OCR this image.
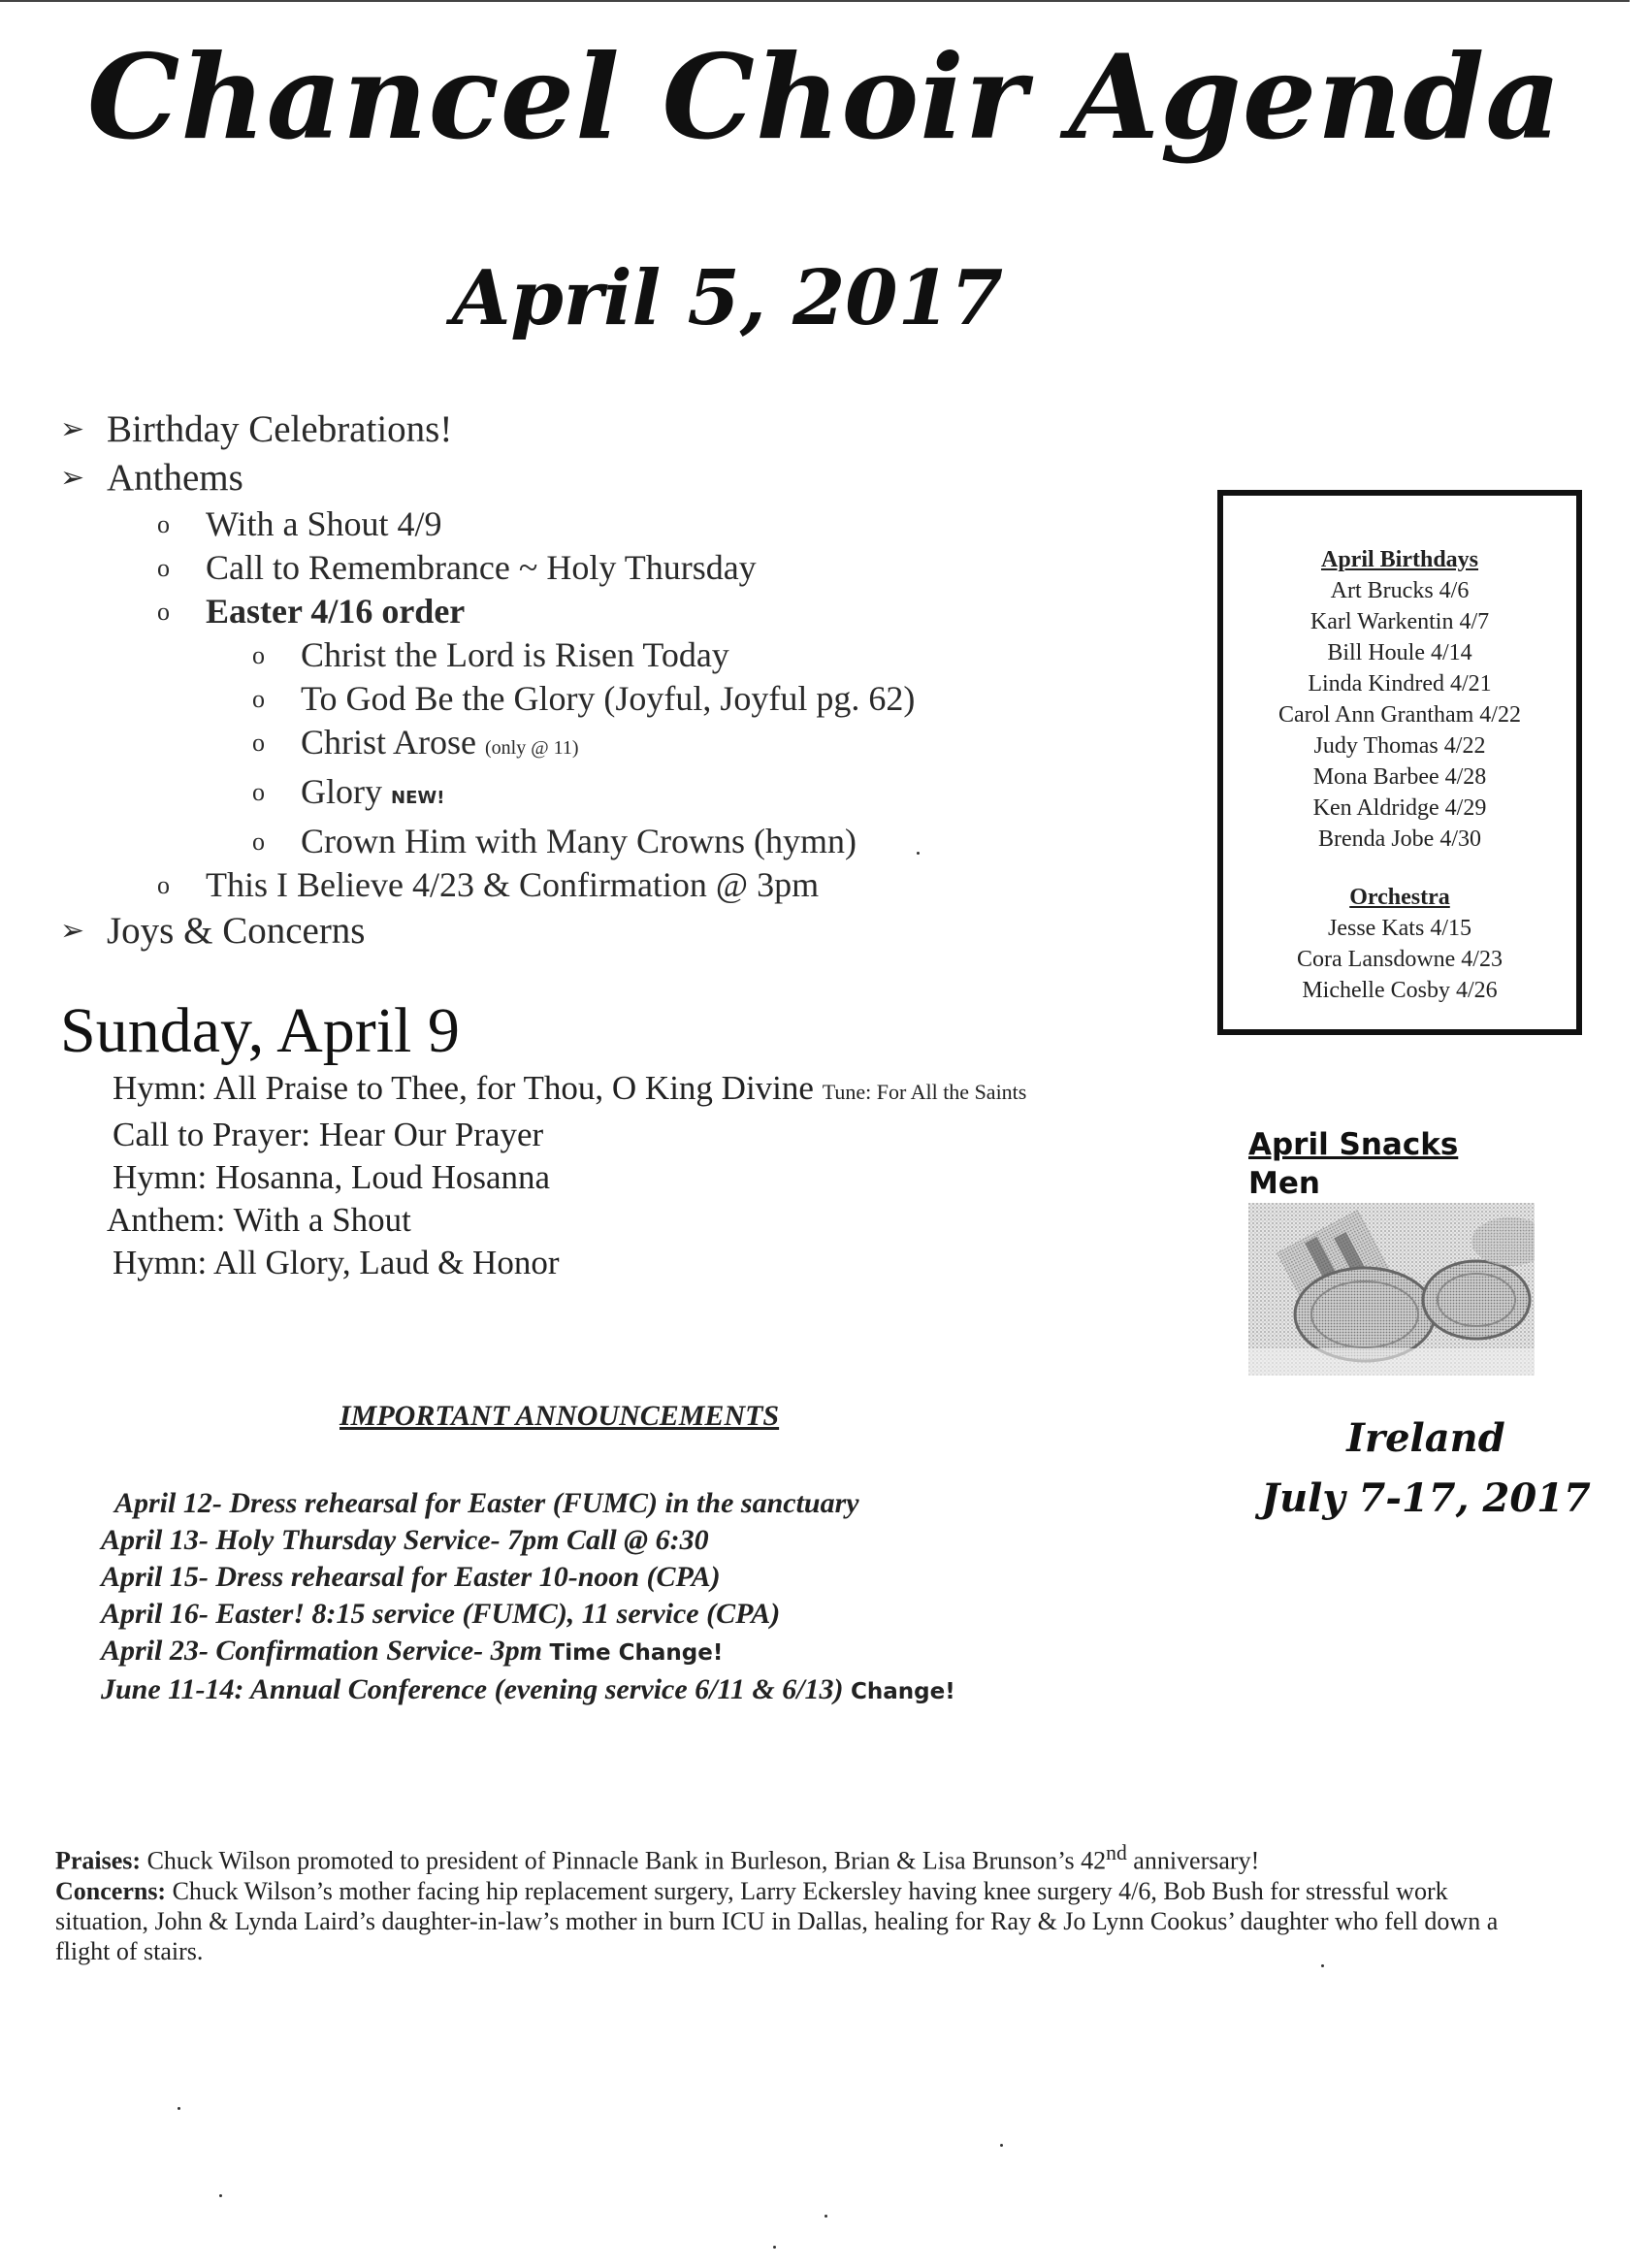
Chancel Choir Agenda
April 5, 2017
➢ Birthday Celebrations!
➢ Anthems
o With a Shout 4/9
o Call to Remembrance ~ Holy Thursday
o Easter 4/16 order
o Christ the Lord is Risen Today
o To God Be the Glory (Joyful, Joyful pg. 62)
o Christ Arose (only @ 11)
o Glory NEW!
o Crown Him with Many Crowns (hymn)
o This I Believe 4/23 & Confirmation @ 3pm
➢ Joys & Concerns
April Birthdays
Art Brucks 4/6
Karl Warkentin 4/7
Bill Houle 4/14
Linda Kindred 4/21
Carol Ann Grantham 4/22
Judy Thomas 4/22
Mona Barbee 4/28
Ken Aldridge 4/29
Brenda Jobe 4/30
Orchestra
Jesse Kats 4/15
Cora Lansdowne 4/23
Michelle Cosby 4/26
Sunday, April 9
Hymn: All Praise to Thee, for Thou, O King Divine Tune: For All the Saints
Call to Prayer: Hear Our Prayer
Hymn: Hosanna, Loud Hosanna
Anthem: With a Shout
Hymn: All Glory, Laud & Honor
April Snacks
Men
Ireland
July 7-17, 2017
IMPORTANT ANNOUNCEMENTS
April 12- Dress rehearsal for Easter (FUMC) in the sanctuary
April 13- Holy Thursday Service- 7pm Call @ 6:30
April 15- Dress rehearsal for Easter 10-noon (CPA)
April 16- Easter! 8:15 service (FUMC), 11 service (CPA)
April 23- Confirmation Service- 3pm Time Change!
June 11-14: Annual Conference (evening service 6/11 & 6/13) Change!
Praises: Chuck Wilson promoted to president of Pinnacle Bank in Burleson, Brian & Lisa Brunson’s 42nd anniversary!
Concerns: Chuck Wilson’s mother facing hip replacement surgery, Larry Eckersley having knee surgery 4/6, Bob Bush for stressful work situation, John & Lynda Laird’s daughter-in-law’s mother in burn ICU in Dallas, healing for Ray & Jo Lynn Cookus’ daughter who fell down a flight of stairs.
